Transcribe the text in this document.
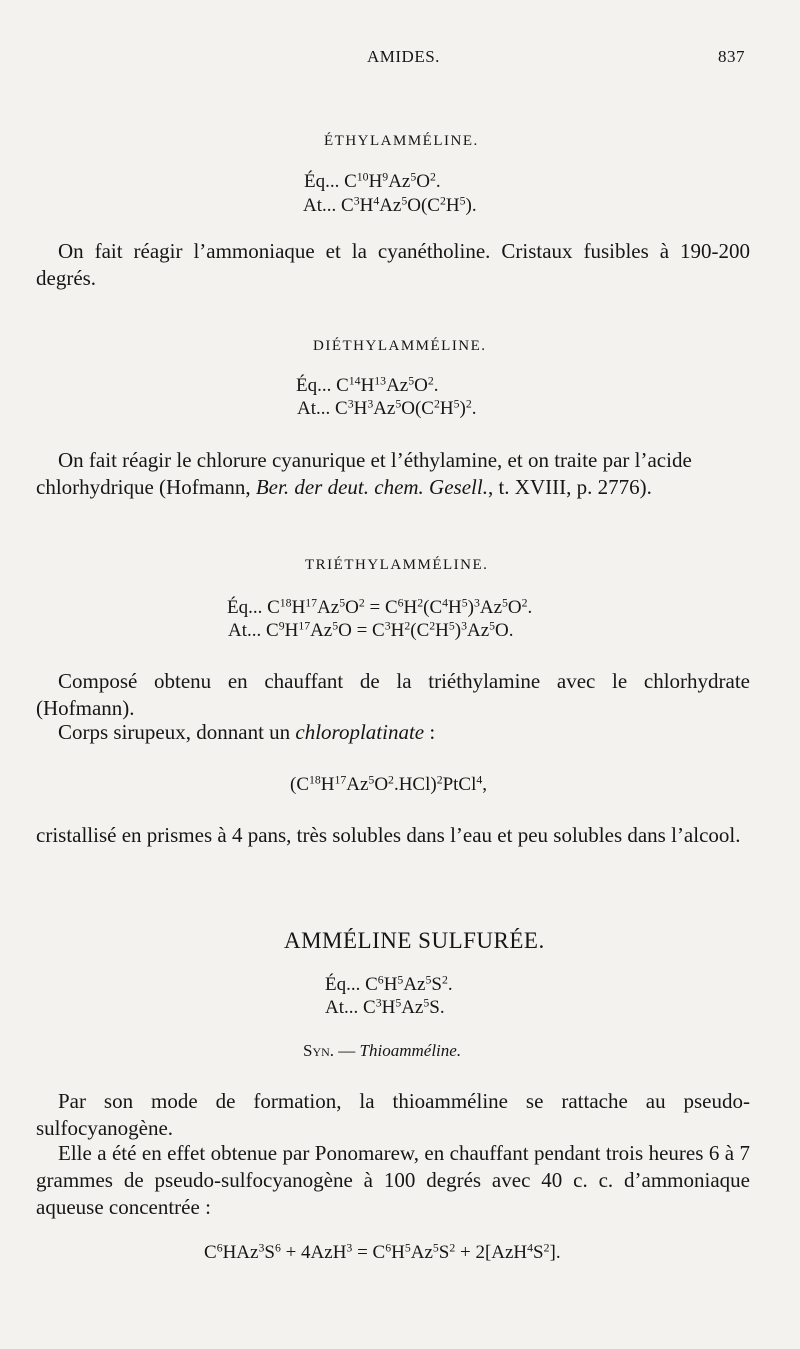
AMIDES.	837
ÉTHYLAMMÉLINE.
Éq... $C^{10}H^9Az^5O^2$.
At... $C^3H^4Az^5O(C^2H^5)$.
On fait réagir l’ammoniaque et la cyanétholine. Cristaux fusibles à 190-200 degrés.
DIÉTHYLAMMÉLINE.
Éq... $C^{14}H^{13}Az^5O^2$.
At... $C^3H^3Az^5O(C^2H^5)^2$.
On fait réagir le chlorure cyanurique et l’éthylamine, et on traite par l’acide
chlorhydrique (Hofmann, Ber. der deut. chem. Gesell., t. XVIII, p. 2776).
TRIÉTHYLAMMÉLINE.
Éq... $C^{18}H^{17}Az^5O^2 = C^6H^2(C^4H^5)^3Az^5O^2$.
At... $C^9H^{17}Az^5O = C^3H^2(C^2H^5)^3Az^5O$.
Composé obtenu en chauffant de la triéthylamine avec le chlorhydrate (Hofmann).
Corps sirupeux, donnant un chloroplatinate :
$(C^{18}H^{17}Az^5O^2.HCl)^2PtCl^4$,
cristallisé en prismes à 4 pans, très solubles dans l’eau et peu solubles dans l’alcool.
AMMÉLINE SULFURÉE.
Éq... $C^6H^5Az^5S^2$.
At... $C^3H^5Az^5S$.
Syn. — Thioamméline.
Par son mode de formation, la thioamméline se rattache au pseudo-sulfocyanogène.
Elle a été en effet obtenue par Ponomarew, en chauffant pendant trois heures 6 à 7 grammes de pseudo-sulfocyanogène à 100 degrés avec 40 c. c. d’ammoniaque aqueuse concentrée :
$C^6HAz^3S^6 + 4AzH^3 = C^6H^5Az^5S^2 + 2[AzH^4S^2]$.
